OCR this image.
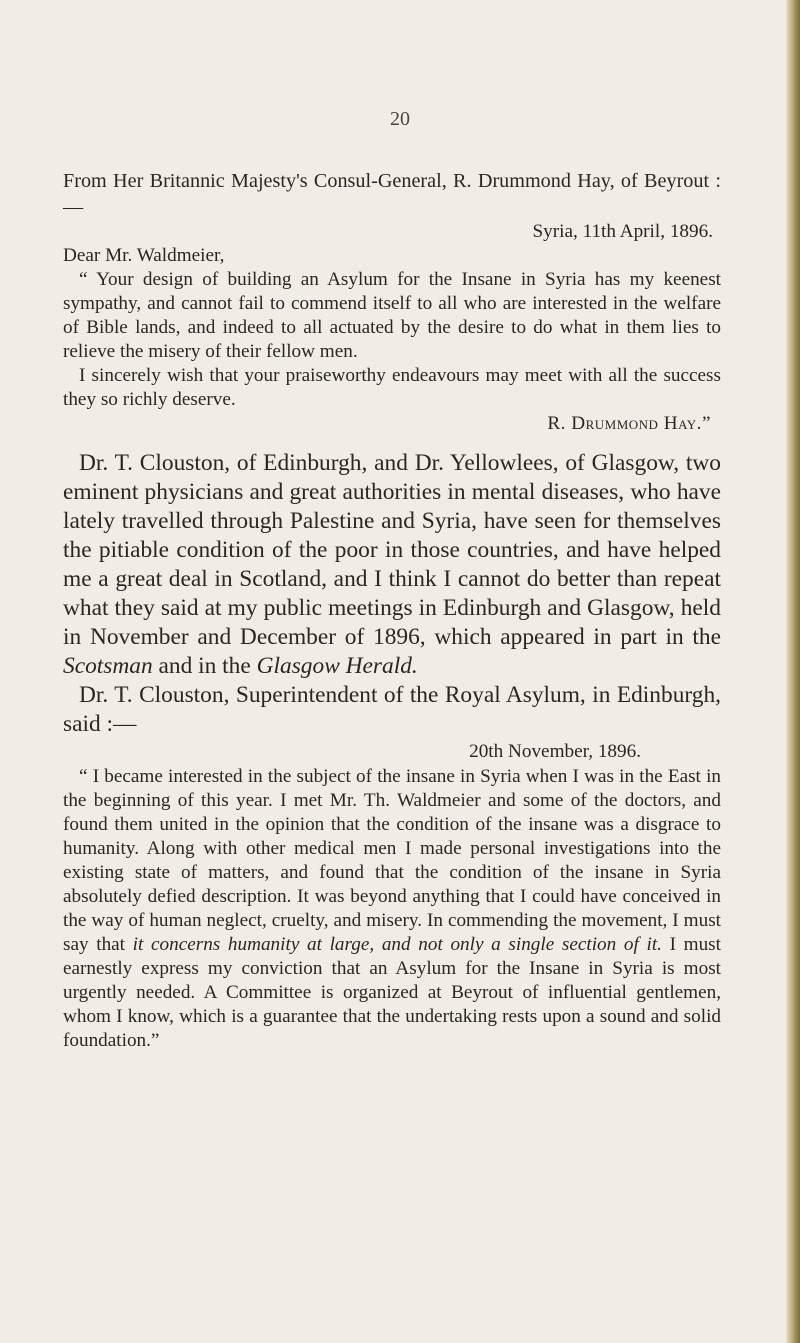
20

From Her Britannic Majesty's Consul-General, R. Drummond Hay, of Beyrout :—

Syria, 11th April, 1896.

Dear Mr. Waldmeier,

“ Your design of building an Asylum for the Insane in Syria has my keenest sympathy, and cannot fail to commend itself to all who are interested in the welfare of Bible lands, and indeed to all actuated by the desire to do what in them lies to relieve the misery of their fellow men.

I sincerely wish that your praiseworthy endeavours may meet with all the success they so richly deserve.

R. Drummond Hay.”

Dr. T. Clouston, of Edinburgh, and Dr. Yellowlees, of Glasgow, two eminent physicians and great authorities in mental diseases, who have lately travelled through Palestine and Syria, have seen for themselves the pitiable condition of the poor in those countries, and have helped me a great deal in Scotland, and I think I cannot do better than repeat what they said at my public meetings in Edinburgh and Glasgow, held in November and December of 1896, which appeared in part in the Scotsman and in the Glasgow Herald.

Dr. T. Clouston, Superintendent of the Royal Asylum, in Edinburgh, said :—

20th November, 1896.

“ I became interested in the subject of the insane in Syria when I was in the East in the beginning of this year. I met Mr. Th. Waldmeier and some of the doctors, and found them united in the opinion that the condition of the insane was a disgrace to humanity. Along with other medical men I made personal investigations into the existing state of matters, and found that the condition of the insane in Syria absolutely defied description. It was beyond anything that I could have conceived in the way of human neglect, cruelty, and misery. In commending the movement, I must say that it concerns humanity at large, and not only a single section of it. I must earnestly express my conviction that an Asylum for the Insane in Syria is most urgently needed. A Committee is organized at Beyrout of influential gentlemen, whom I know, which is a guarantee that the undertaking rests upon a sound and solid foundation.”
